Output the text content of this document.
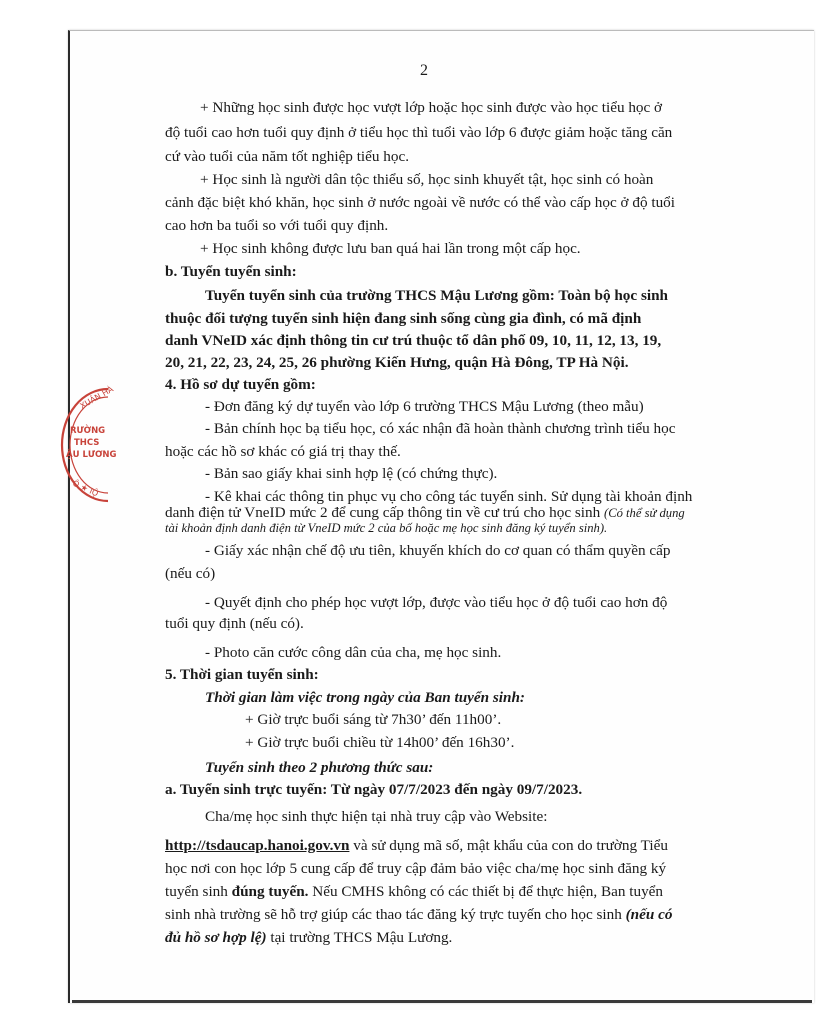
2
+ Những học sinh được học vượt lớp hoặc học sinh được vào học tiểu học ở
độ tuổi cao hơn tuổi quy định ở tiểu học thì tuổi vào lớp 6 được giảm hoặc tăng căn
cứ vào tuổi của năm tốt nghiệp tiểu học.
+ Học sinh là người dân tộc thiểu số, học sinh khuyết tật, học sinh có hoàn
cảnh đặc biệt khó khăn, học sinh ở nước ngoài về nước có thể vào cấp học ở độ tuổi
cao hơn ba tuổi so với tuổi quy định.
+ Học sinh không được lưu ban quá hai lần trong một cấp học.
b. Tuyển tuyển sinh:
Tuyển tuyển sinh của trường THCS Mậu Lương gồm: Toàn bộ học sinh
thuộc đối tượng tuyển sinh hiện đang sinh sống cùng gia đình, có mã định
danh VNeID xác định thông tin cư trú thuộc tổ dân phố 09, 10, 11, 12, 13, 19,
20, 21, 22, 23, 24, 25, 26 phường Kiến Hưng, quận Hà Đông, TP Hà Nội.
4. Hồ sơ dự tuyển gồm:
- Đơn đăng ký dự tuyển vào lớp 6 trường THCS Mậu Lương (theo mẫu)
- Bản chính học bạ tiểu học, có xác nhận đã hoàn thành chương trình tiểu học
hoặc các hồ sơ khác có giá trị thay thế.
- Bản sao giấy khai sinh hợp lệ (có chứng thực).
- Kê khai các thông tin phục vụ cho công tác tuyển sinh. Sử dụng tài khoản định
danh điện tử VneID mức 2 để cung cấp thông tin về cư trú cho học sinh (Có thể sử dụng
tài khoản định danh điện từ VneID mức 2 của bố hoặc mẹ học sinh đăng ký tuyển sinh).
- Giấy xác nhận chế độ ưu tiên, khuyến khích do cơ quan có thẩm quyền cấp
(nếu có)
- Quyết định cho phép học vượt lớp, được vào tiểu học ở độ tuổi cao hơn độ
tuổi quy định (nếu có).
- Photo căn cước công dân của cha, mẹ học sinh.
5. Thời gian tuyển sinh:
Thời gian làm việc trong ngày của Ban tuyển sinh:
+ Giờ trực buổi sáng từ 7h30’ đến 11h00’.
+ Giờ trực buổi chiều từ 14h00’ đến 16h30’.
Tuyển sinh theo 2 phương thức sau:
a. Tuyển sinh trực tuyến: Từ ngày 07/7/2023 đến ngày 09/7/2023.
Cha/mẹ học sinh thực hiện tại nhà truy cập vào Website:
http://tsdaucap.hanoi.gov.vn và sử dụng mã số, mật khẩu của con do trường Tiểu
học nơi con học lớp 5 cung cấp để truy cập đảm bảo việc cha/mẹ học sinh đăng ký
tuyển sinh đúng tuyến. Nếu CMHS không có các thiết bị để thực hiện, Ban tuyển
sinh nhà trường sẽ hỗ trợ giúp các thao tác đăng ký trực tuyến cho học sinh (nếu có
đủ hồ sơ hợp lệ) tại trường THCS Mậu Lương.
XUÂN HÀ
RƯỜNG
THCS
ẬU LƯƠNG
Ô ★ IỘ
